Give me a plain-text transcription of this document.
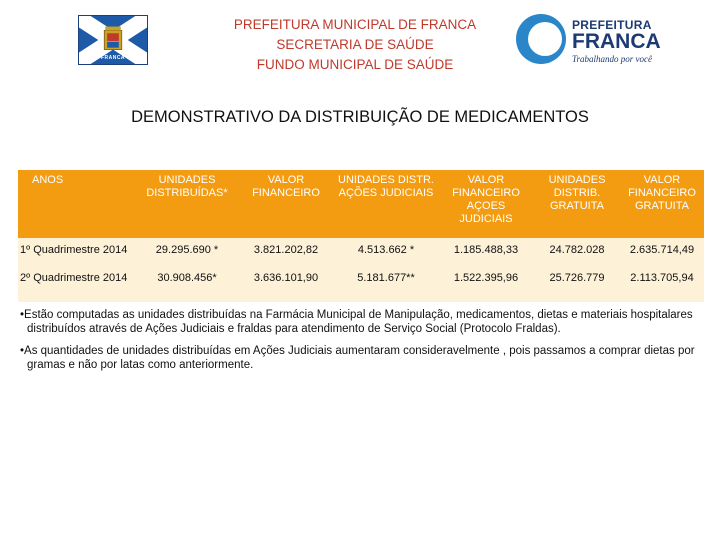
FRANCA
PREFEITURA MUNICIPAL DE FRANCA
SECRETARIA DE SAÚDE
FUNDO MUNICIPAL DE SAÚDE
PREFEITURA
FRANCA
Trabalhando por você
DEMONSTRATIVO DA DISTRIBUIÇÃO DE MEDICAMENTOS
ANOS	UNIDADES DISTRIBUÍDAS*	VALOR FINANCEIRO	UNIDADES DISTR. AÇÕES JUDICIAIS	VALOR FINANCEIRO AÇOES JUDICIAIS	UNIDADES DISTRIB. GRATUITA	VALOR FINANCEIRO GRATUITA
1º Quadrimestre 2014	29.295.690 *	3.821.202,82	4.513.662 *	1.185.488,33	24.782.028	2.635.714,49
2º Quadrimestre 2014	30.908.456*	3.636.101,90	5.181.677**	1.522.395,96	25.726.779	2.113.705,94

•Estão computadas as unidades distribuídas na Farmácia Municipal de Manipulação, medicamentos, dietas e materiais hospitalares distribuídos através de Ações Judiciais e fraldas para atendimento de Serviço Social (Protocolo Fraldas).

•As quantidades de unidades distribuídas em Ações Judiciais aumentaram consideravelmente , pois passamos a comprar dietas por gramas e não por latas como anteriormente.
